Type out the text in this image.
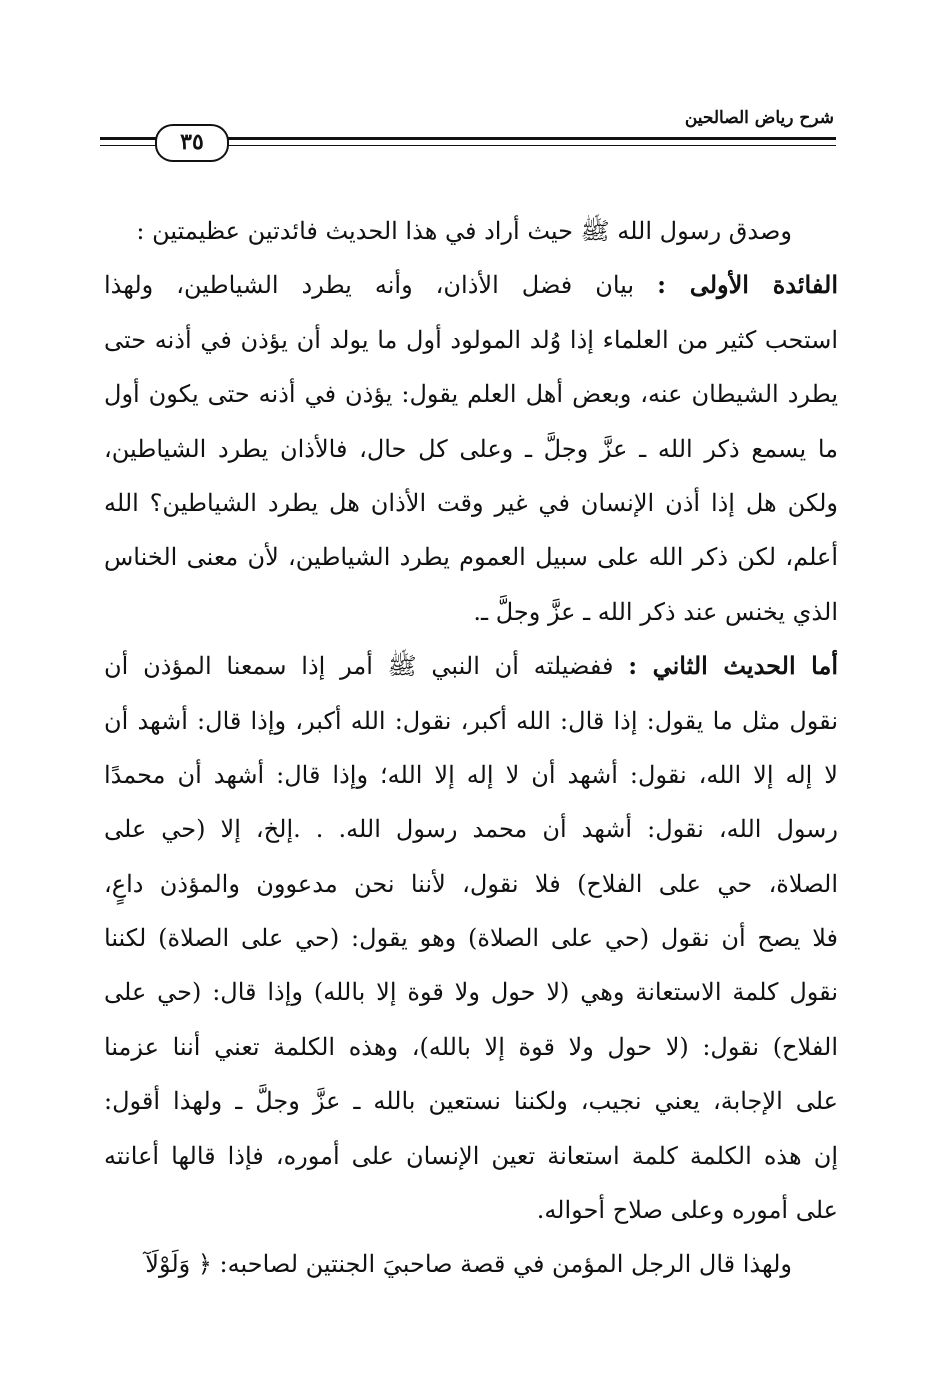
شرح رياض الصالحين
٣٥
وصدق رسول الله ﷺ حيث أراد في هذا الحديث فائدتين عظيمتين :
الفائدة الأولى : بيان فضل الأذان، وأنه يطرد الشياطين، ولهذا
استحب كثير من العلماء إذا وُلد المولود أول ما يولد أن يؤذن في أذنه حتى
يطرد الشيطان عنه، وبعض أهل العلم يقول: يؤذن في أذنه حتى يكون أول
ما يسمع ذكر الله ـ عزَّ وجلَّ ـ وعلى كل حال، فالأذان يطرد الشياطين،
ولكن هل إذا أذن الإنسان في غير وقت الأذان هل يطرد الشياطين؟ الله
أعلم، لكن ذكر الله على سبيل العموم يطرد الشياطين، لأن معنى الخناس
الذي يخنس عند ذكر الله ـ عزَّ وجلَّ ـ.
أما الحديث الثاني : ففضيلته أن النبي ﷺ أمر إذا سمعنا المؤذن أن
نقول مثل ما يقول: إذا قال: الله أكبر، نقول: الله أكبر، وإذا قال: أشهد أن
لا إله إلا الله، نقول: أشهد أن لا إله إلا الله؛ وإذا قال: أشهد أن محمدًا
رسول الله، نقول: أشهد أن محمد رسول الله. . .إلخ، إلا (حي على
الصلاة، حي على الفلاح) فلا نقول، لأننا نحن مدعوون والمؤذن داعٍ،
فلا يصح أن نقول (حي على الصلاة) وهو يقول: (حي على الصلاة) لكننا
نقول كلمة الاستعانة وهي (لا حول ولا قوة إلا بالله) وإذا قال: (حي على
الفلاح) نقول: (لا حول ولا قوة إلا بالله)، وهذه الكلمة تعني أننا عزمنا
على الإجابة، يعني نجيب، ولكننا نستعين بالله ـ عزَّ وجلَّ ـ ولهذا أقول:
إن هذه الكلمة كلمة استعانة تعين الإنسان على أموره، فإذا قالها أعانته
على أموره وعلى صلاح أحواله.
ولهذا قال الرجل المؤمن في قصة صاحبيَ الجنتين لصاحبه: ﴿ وَلَوْلَآ
